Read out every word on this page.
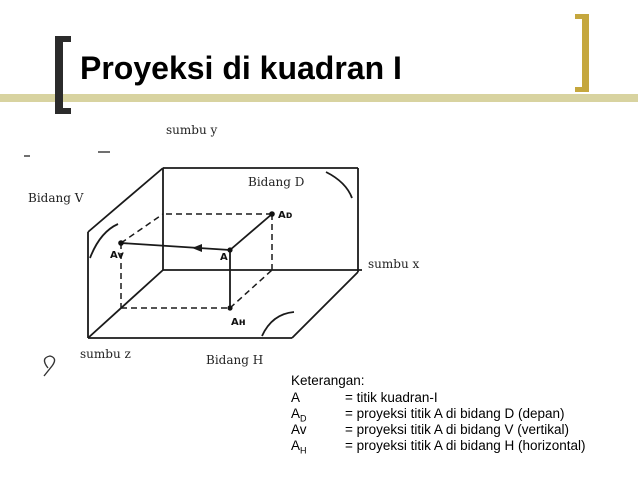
Proyeksi di kuadran I
A
Aᴅ
Av
Aʜ
sumbu y
sumbu x
sumbu z
Bidang V
Bidang D
Bidang H
Keterangan:
A	= titik kuadran-I
$A_D$	= proyeksi titik A di bidang D (depan)
Av	= proyeksi titik A di bidang V (vertikal)
$A_H$	= proyeksi titik A di bidang H (horizontal)
